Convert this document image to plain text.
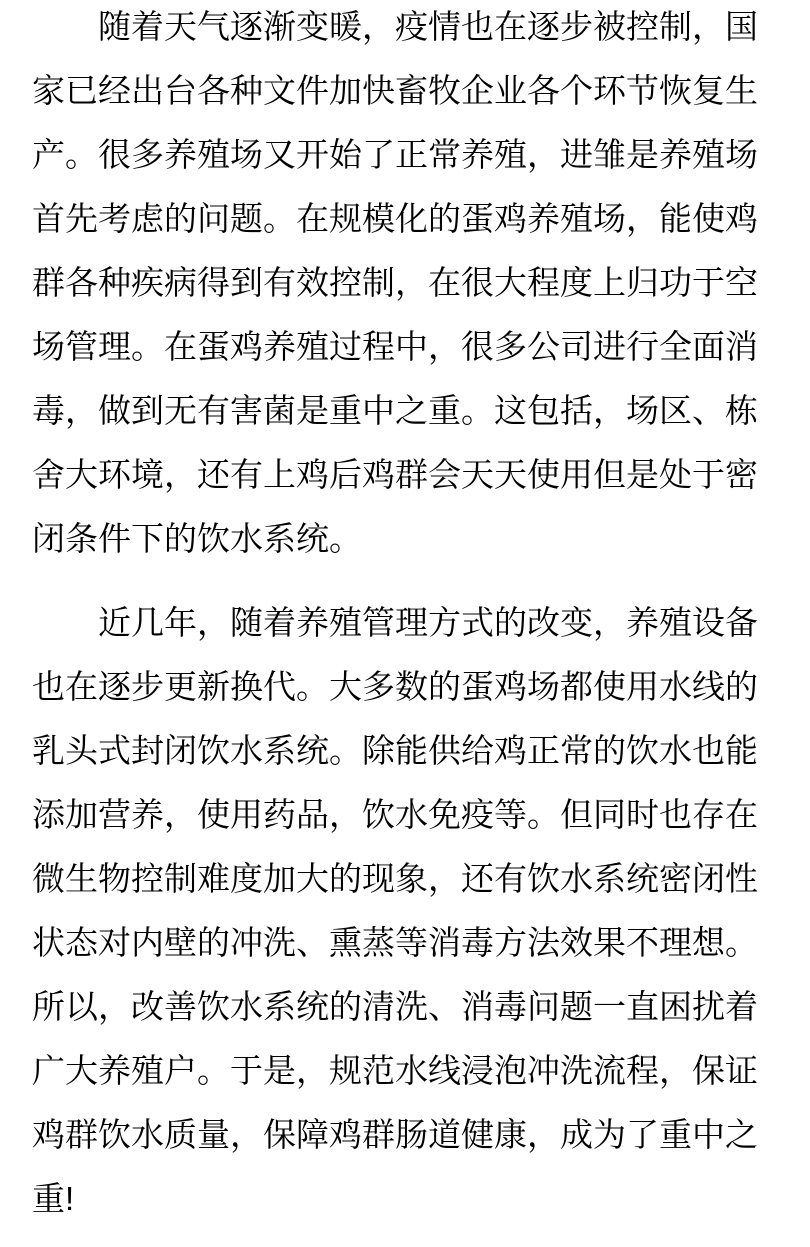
随着天气逐渐变暖，疫情也在逐步被控制，国家已经出台各种文件加快畜牧企业各个环节恢复生产。很多养殖场又开始了正常养殖，进雏是养殖场首先考虑的问题。在规模化的蛋鸡养殖场，能使鸡群各种疾病得到有效控制，在很大程度上归功于空场管理。在蛋鸡养殖过程中，很多公司进行全面消毒，做到无有害菌是重中之重。这包括，场区、栋舍大环境，还有上鸡后鸡群会天天使用但是处于密闭条件下的饮水系统。

近几年，随着养殖管理方式的改变，养殖设备也在逐步更新换代。大多数的蛋鸡场都使用水线的乳头式封闭饮水系统。除能供给鸡正常的饮水也能添加营养，使用药品，饮水免疫等。但同时也存在微生物控制难度加大的现象，还有饮水系统密闭性状态对内壁的冲洗、熏蒸等消毒方法效果不理想。所以，改善饮水系统的清洗、消毒问题一直困扰着广大养殖户。于是，规范水线浸泡冲洗流程，保证鸡群饮水质量，保障鸡群肠道健康，成为了重中之重!
